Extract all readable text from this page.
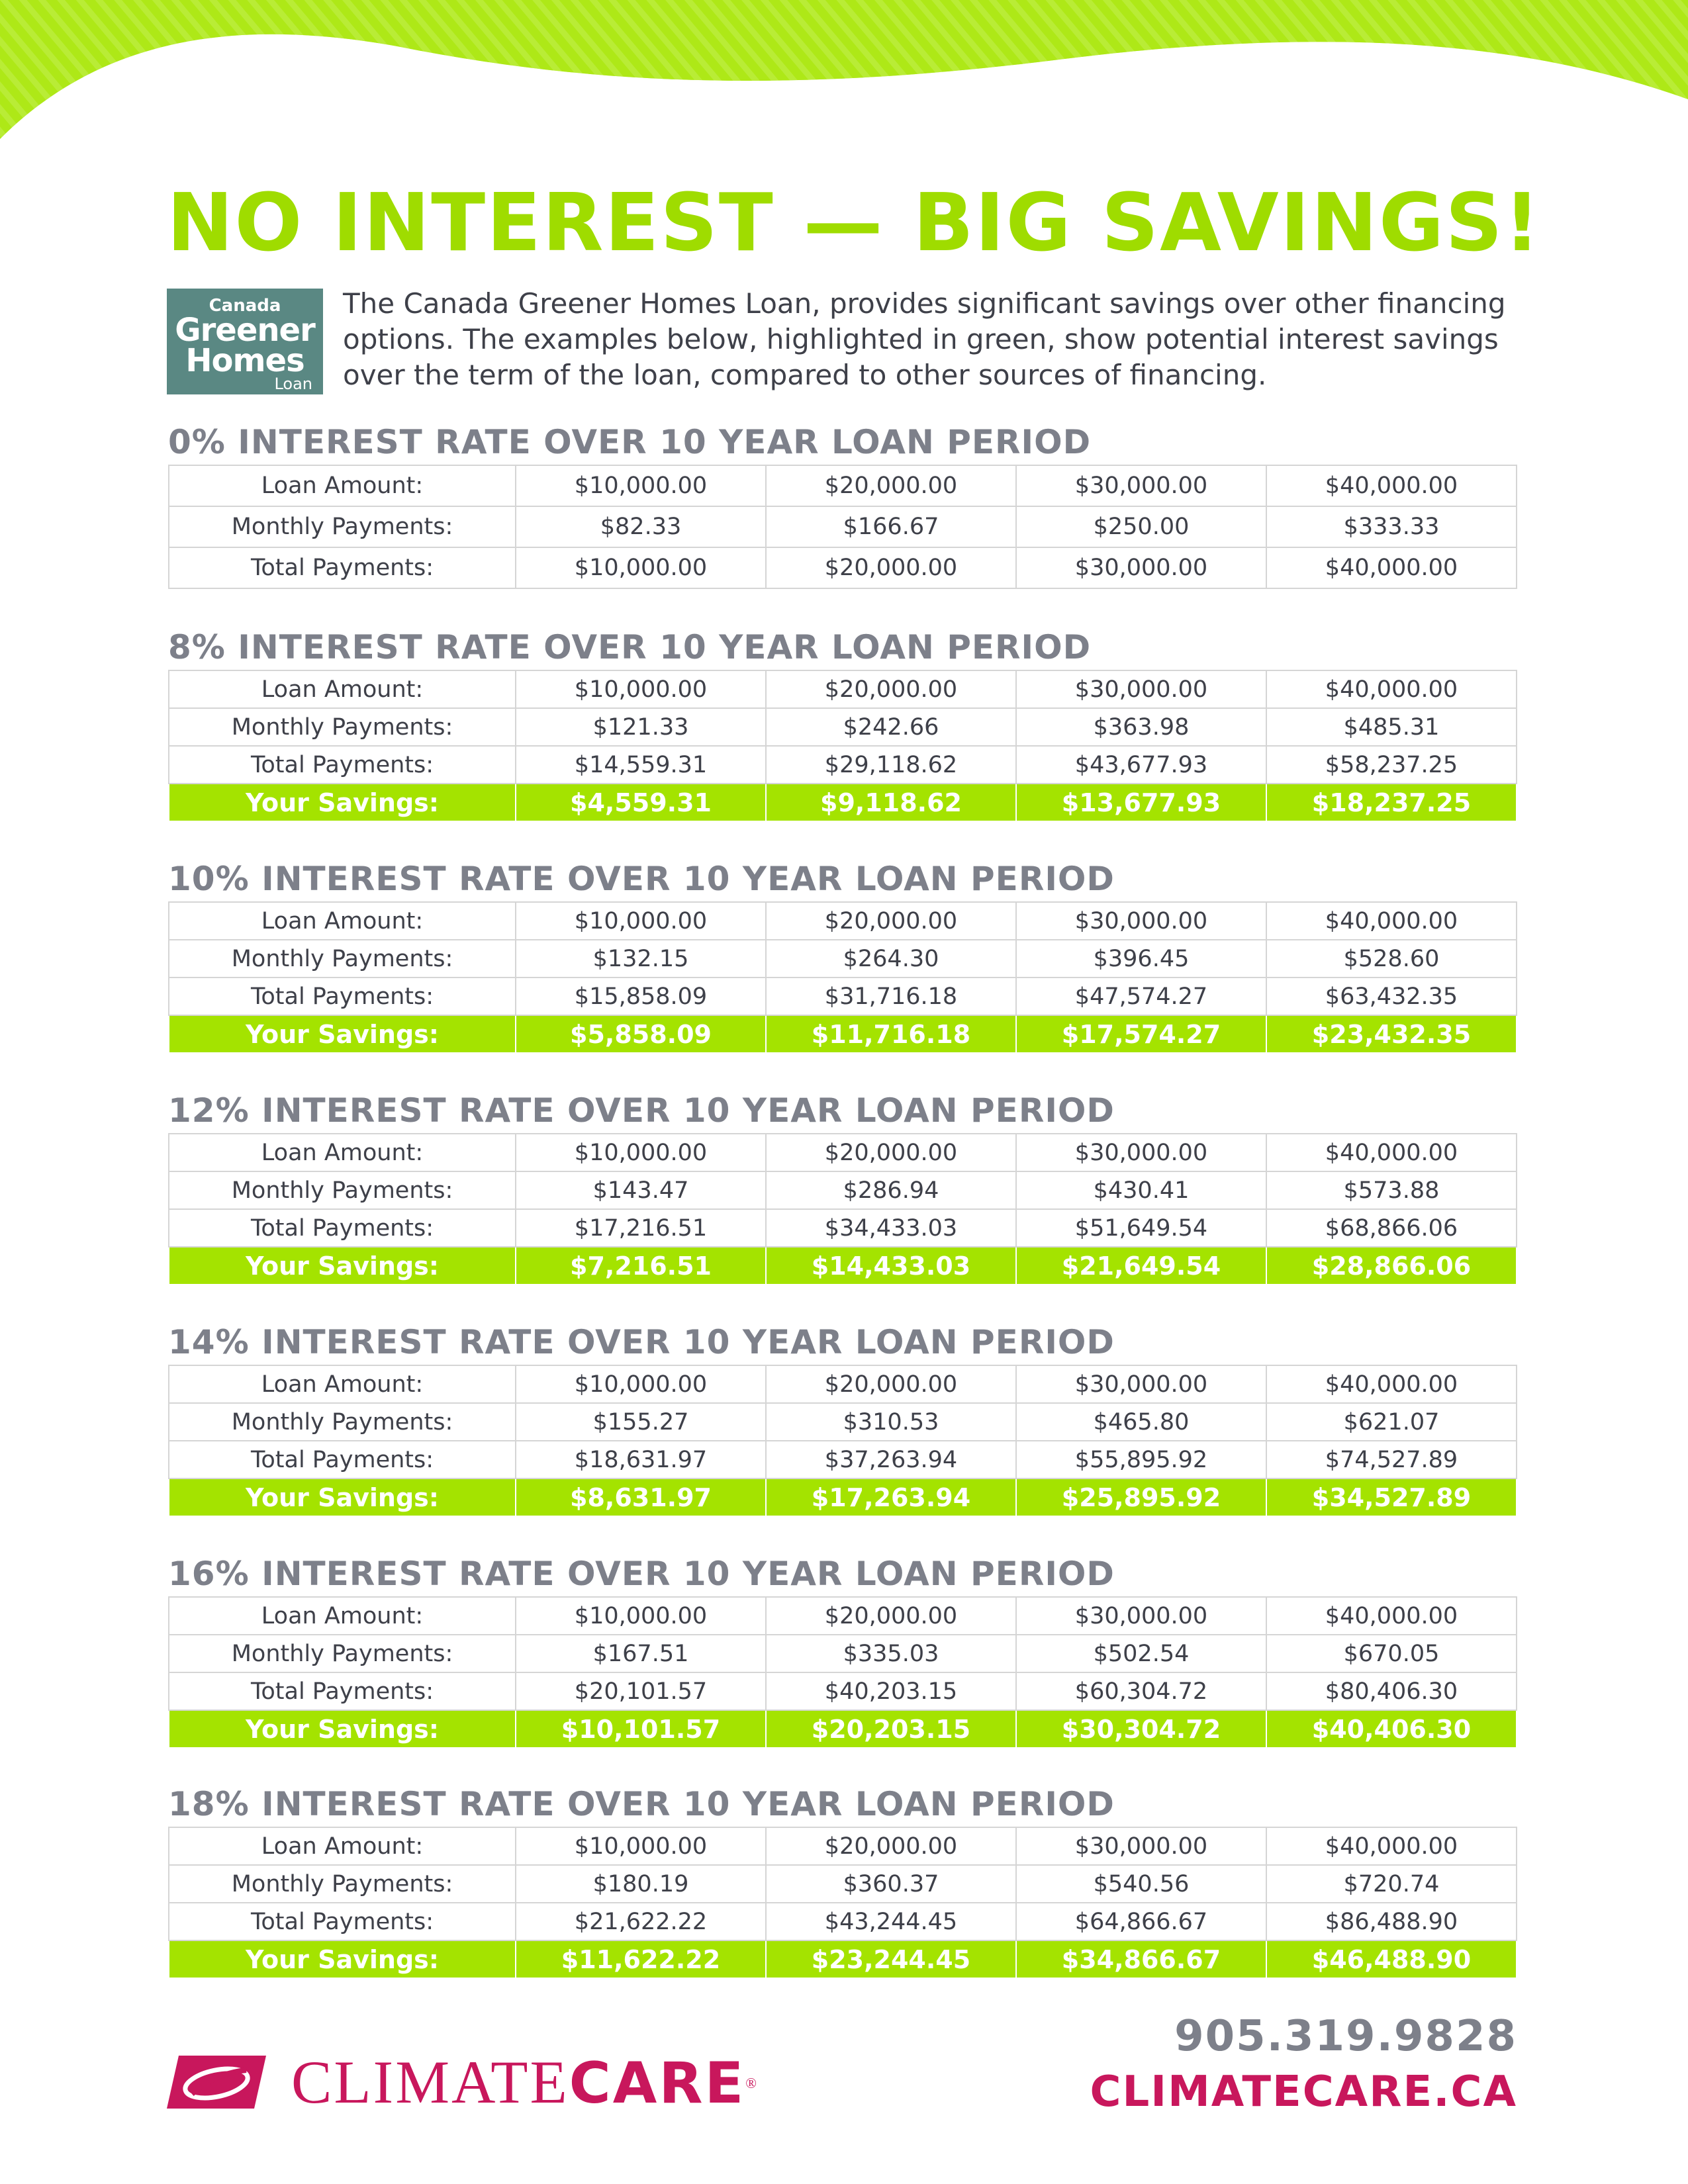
NO INTEREST — BIG SAVINGS!
Canada
Greener
Homes
Loan
The Canada Greener Homes Loan, provides significant savings over other financing options. The examples below, highlighted in green, show potential interest savings over the term of the loan, compared to other sources of financing.
0% INTEREST RATE OVER 10 YEAR LOAN PERIOD
Loan Amount:	$10,000.00	$20,000.00	$30,000.00	$40,000.00
Monthly Payments:	$82.33	$166.67	$250.00	$333.33
Total Payments:	$10,000.00	$20,000.00	$30,000.00	$40,000.00
8% INTEREST RATE OVER 10 YEAR LOAN PERIOD
Loan Amount:	$10,000.00	$20,000.00	$30,000.00	$40,000.00
Monthly Payments:	$121.33	$242.66	$363.98	$485.31
Total Payments:	$14,559.31	$29,118.62	$43,677.93	$58,237.25
Your Savings:	$4,559.31	$9,118.62	$13,677.93	$18,237.25
10% INTEREST RATE OVER 10 YEAR LOAN PERIOD
Loan Amount:	$10,000.00	$20,000.00	$30,000.00	$40,000.00
Monthly Payments:	$132.15	$264.30	$396.45	$528.60
Total Payments:	$15,858.09	$31,716.18	$47,574.27	$63,432.35
Your Savings:	$5,858.09	$11,716.18	$17,574.27	$23,432.35
12% INTEREST RATE OVER 10 YEAR LOAN PERIOD
Loan Amount:	$10,000.00	$20,000.00	$30,000.00	$40,000.00
Monthly Payments:	$143.47	$286.94	$430.41	$573.88
Total Payments:	$17,216.51	$34,433.03	$51,649.54	$68,866.06
Your Savings:	$7,216.51	$14,433.03	$21,649.54	$28,866.06
14% INTEREST RATE OVER 10 YEAR LOAN PERIOD
Loan Amount:	$10,000.00	$20,000.00	$30,000.00	$40,000.00
Monthly Payments:	$155.27	$310.53	$465.80	$621.07
Total Payments:	$18,631.97	$37,263.94	$55,895.92	$74,527.89
Your Savings:	$8,631.97	$17,263.94	$25,895.92	$34,527.89
16% INTEREST RATE OVER 10 YEAR LOAN PERIOD
Loan Amount:	$10,000.00	$20,000.00	$30,000.00	$40,000.00
Monthly Payments:	$167.51	$335.03	$502.54	$670.05
Total Payments:	$20,101.57	$40,203.15	$60,304.72	$80,406.30
Your Savings:	$10,101.57	$20,203.15	$30,304.72	$40,406.30
18% INTEREST RATE OVER 10 YEAR LOAN PERIOD
Loan Amount:	$10,000.00	$20,000.00	$30,000.00	$40,000.00
Monthly Payments:	$180.19	$360.37	$540.56	$720.74
Total Payments:	$21,622.22	$43,244.45	$64,866.67	$86,488.90
Your Savings:	$11,622.22	$23,244.45	$34,866.67	$46,488.90
CLIMATECARE®
905.319.9828
CLIMATECARE.CA
